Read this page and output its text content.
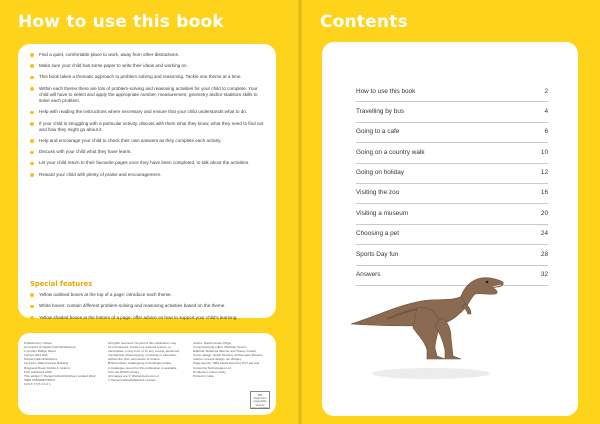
How to use this book
Find a quiet, comfortable place to work, away from other distractions.
Make sure your child has some paper to write their ideas and working on.
This book takes a thematic approach to problem solving and reasoning. Tackle one theme at a time.
Within each theme there are lots of problem-solving and reasoning activities for your child to complete. Your child will have to select and apply the appropriate number, measurement, geometry and/or statistics skills to solve each problem.
Help with reading the instructions where necessary and ensure that your child understands what to do.
If your child is struggling with a particular activity, discuss with them what they know, what they need to find out and how they might go about it.
Help and encourage your child to check their own answers as they complete each activity.
Discuss with your child what they have learnt.
Let your child return to their favourite pages once they have been completed, to talk about the activities.
Reward your child with plenty of praise and encouragement.
Special features
Yellow outlined boxes at the top of a page: introduce each theme.
White boxes: contain different problem-solving and reasoning activities based on the theme.
Yellow shaded boxes at the bottom of a page: offer advice on how to support your child's learning.
Published by Collins
An imprint of HarperCollinsPublishers
1 London Bridge Street
London SE1 9GF
HarperCollinsPublishers
1st Floor, Watermarque Building
Ringsend Road, Dublin 4, Ireland
First published 2018
This edition © HarperCollinsPublishers Limited 2022
ISBN 9780008275518
10 9 8 7 6 5 4 3 2 1
All rights reserved. No part of this publication may
be reproduced, stored in a retrieval system, or
transmitted, in any form or by any means, electronic,
mechanical, photocopying, recording or otherwise,
without the prior permission of Collins.
British Library Cataloguing in Publication Data
A Catalogue record for this publication is available
from the British Library.
All images are © Shutterstock.com or
© HarperCollinsPublishers Limited
Author: Rachel Axten-Higgs
Commissioning editor: Michelle l'Anson
Editorial: Rebecca Skinner and Tracey Cowell
Cover design: Sarah Duxbury and Amparo Barrera
Interior concept design: Ian Wrigley
Page layouts: QBS Media Services PVT Ltd and
Contentra Technologies Ltd
Production: Karen Nulty
Printed in India
MIX
Paper from
responsible sources
FSC C007454
Contents
How to use this book	2
Travelling by bus	4
Going to a cafe	6
Going on a country walk	10
Going on holiday	12
Visiting the zoo	16
Visiting a museum	20
Choosing a pet	24
Sports Day fun	28
Answers	32
